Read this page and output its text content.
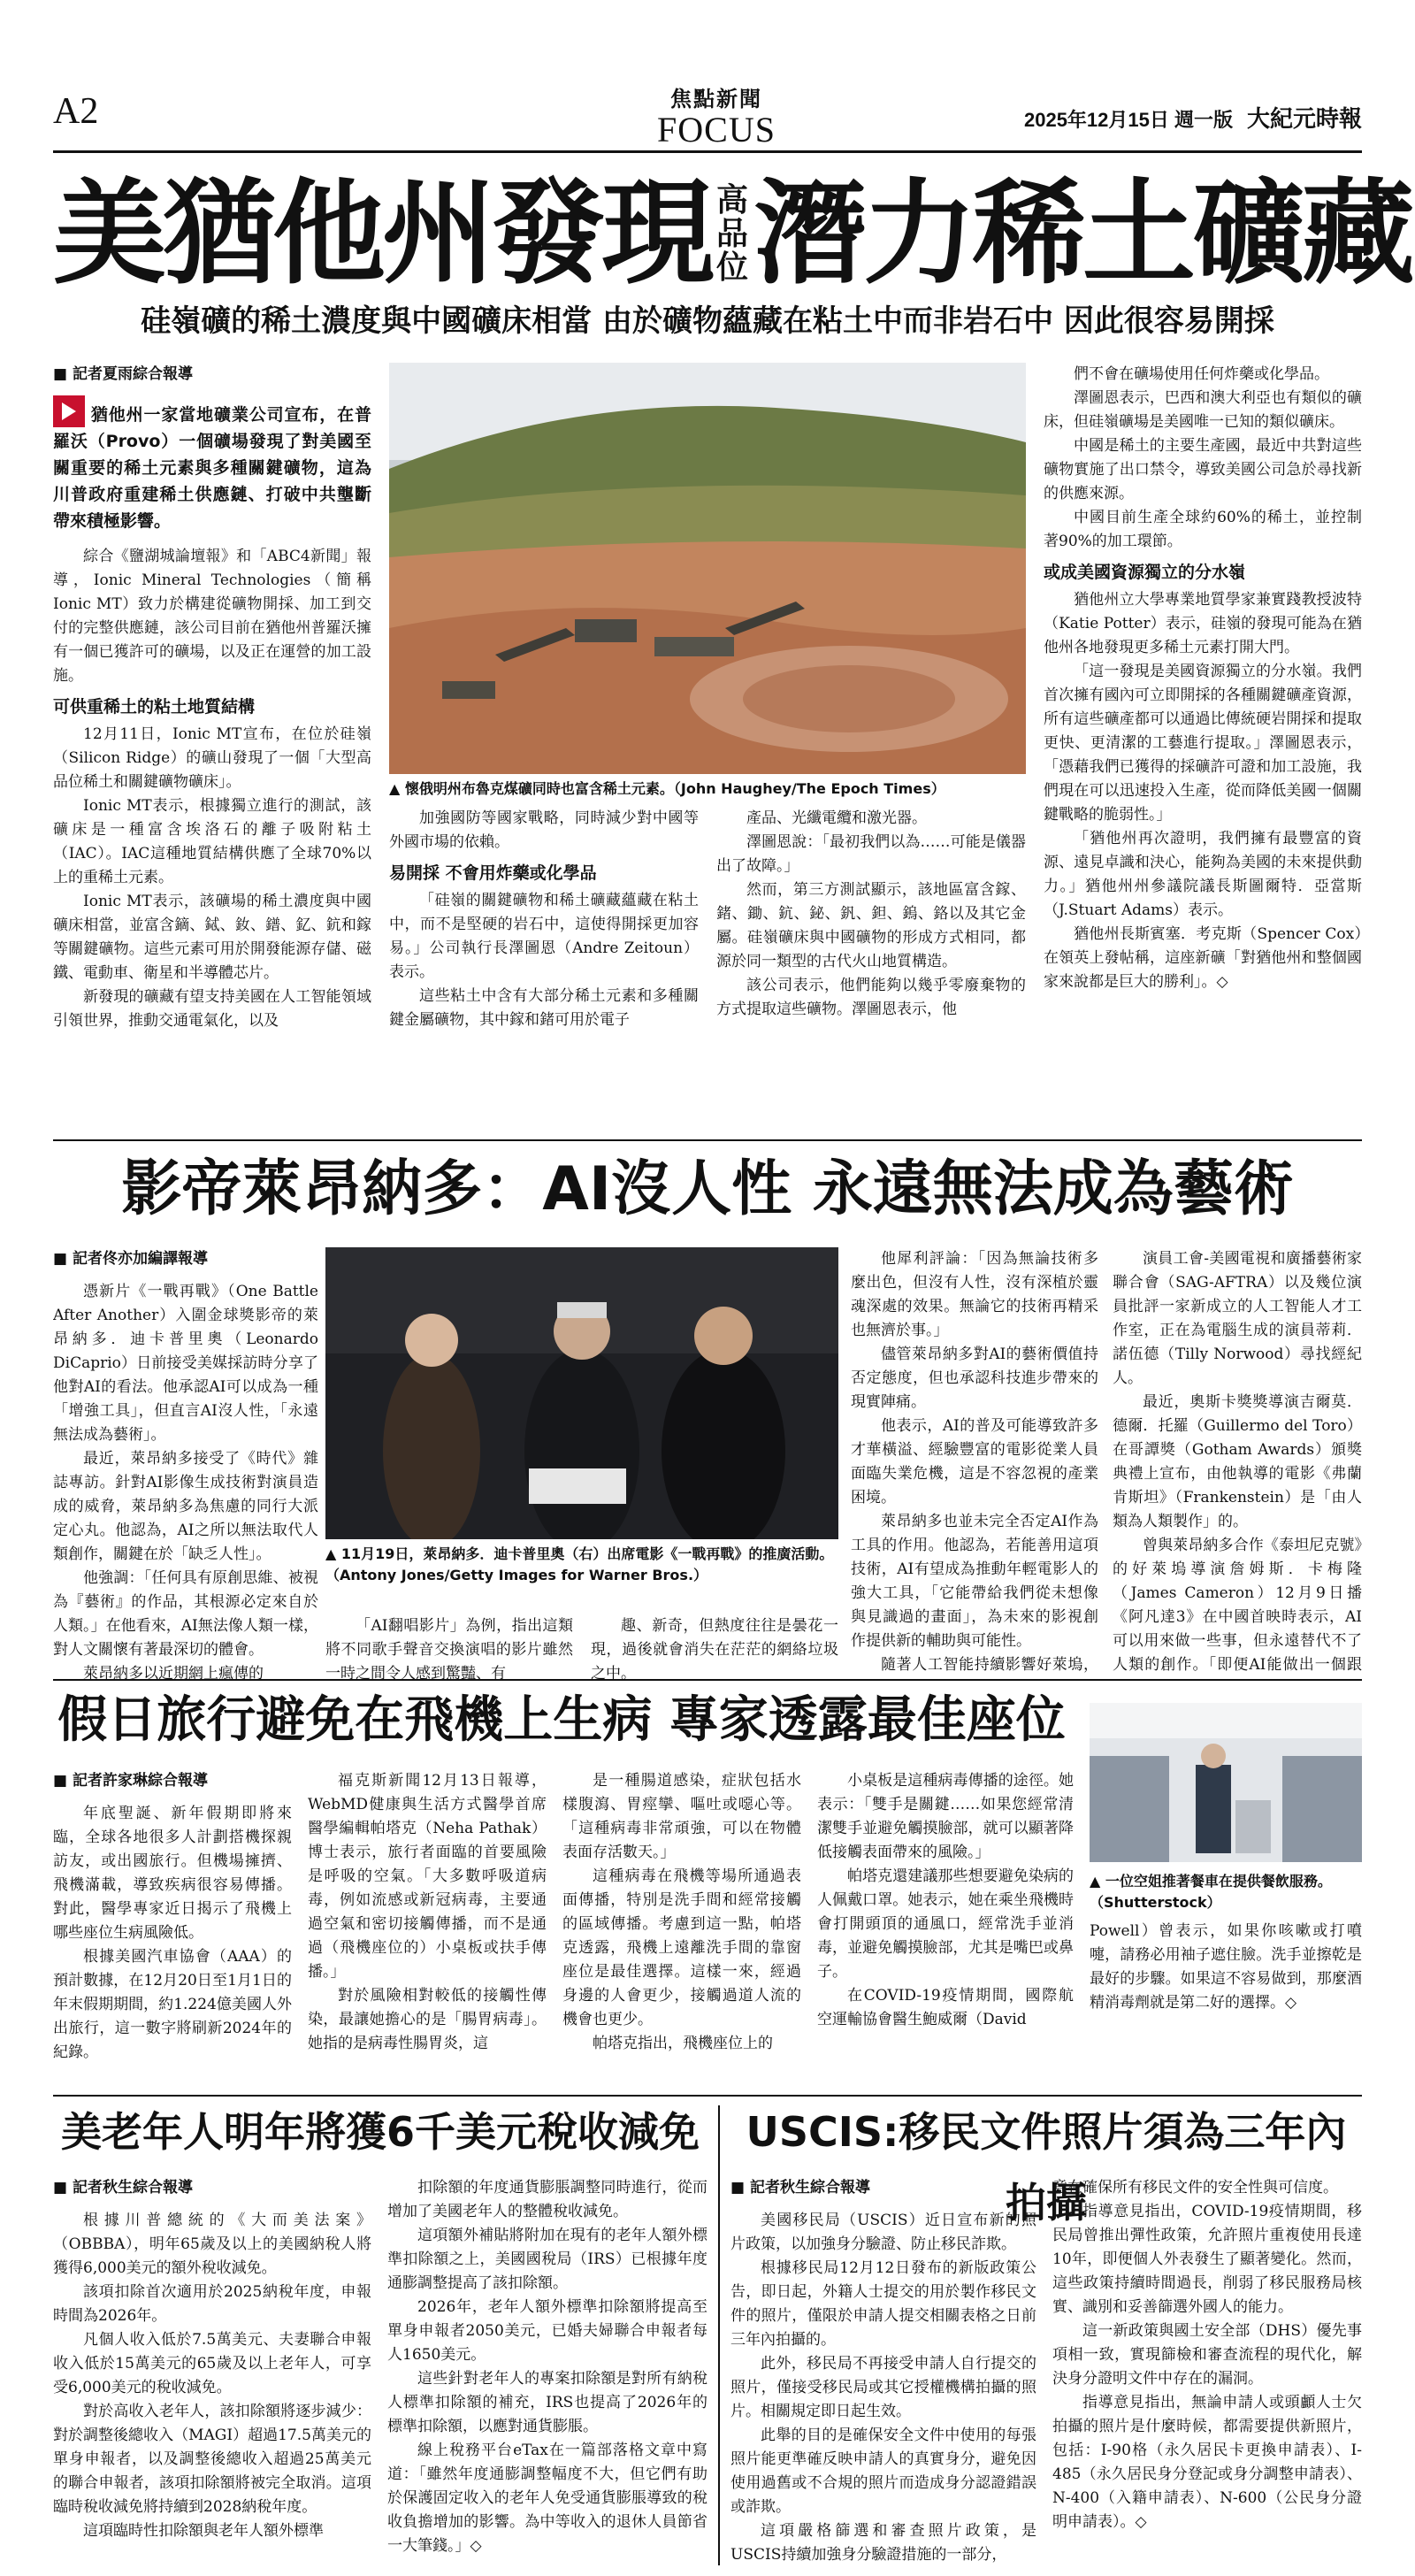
A2	焦點新聞
FOCUS	2025年12月15日 週一版 大紀元時報
美猶他州發現 高
品
位 潛力稀土礦藏
硅嶺礦的稀土濃度與中國礦床相當 由於礦物蘊藏在粘土中而非岩石中 因此很容易開採
■ 記者夏雨綜合報導
猶他州一家當地礦業公司宣布，在普羅沃（Provo）一個礦場發現了對美國至關重要的稀土元素與多種關鍵礦物，這為川普政府重建稀土供應鏈、打破中共壟斷帶來積極影響。

綜合《鹽湖城論壇報》和「ABC4新聞」報導，Ionic Mineral Technologies（簡稱Ionic MT）致力於構建從礦物開採、加工到交付的完整供應鏈，該公司目前在猶他州普羅沃擁有一個已獲許可的礦場，以及正在運營的加工設施。

可供重稀土的粘土地質結構

12月11日，Ionic MT宣布，在位於硅嶺（Silicon Ridge）的礦山發現了一個「大型高品位稀土和關鍵礦物礦床」。

Ionic MT表示，根據獨立進行的測試，該礦床是一種富含埃洛石的離子吸附粘土（IAC）。IAC這種地質結構供應了全球70%以上的重稀土元素。

Ionic MT表示，該礦場的稀土濃度與中國礦床相當，並富含鏑、鋱、釹、鐠、釔、鈧和鎵等關鍵礦物。這些元素可用於開發能源存儲、磁鐵、電動車、衛星和半導體芯片。

新發現的礦藏有望支持美國在人工智能領域引領世界，推動交通電氣化，以及

▲ 懷俄明州布魯克煤礦同時也富含稀土元素。（John Haughey/The Epoch Times）

加強國防等國家戰略，同時減少對中國等外國市場的依賴。

易開採 不會用炸藥或化學品

「硅嶺的關鍵礦物和稀土礦藏蘊藏在粘土中，而不是堅硬的岩石中，這使得開採更加容易。」公司執行長澤圖恩（Andre Zeitoun）表示。

這些粘土中含有大部分稀土元素和多種關鍵金屬礦物，其中鎵和鍺可用於電子

產品、光纖電纜和激光器。

澤圖恩說：「最初我們以為……可能是儀器出了故障。」

然而，第三方測試顯示，該地區富含鎵、鍺、鋤、鈧、鉍、釩、鉭、鎢、鉻以及其它金屬。硅嶺礦床與中國礦物的形成方式相同，都源於同一類型的古代火山地質構造。

該公司表示，他們能夠以幾乎零廢棄物的方式提取這些礦物。澤圖恩表示，他

們不會在礦場使用任何炸藥或化學品。

澤圖恩表示，巴西和澳大利亞也有類似的礦床，但硅嶺礦場是美國唯一已知的類似礦床。

中國是稀土的主要生產國，最近中共對這些礦物實施了出口禁令，導致美國公司急於尋找新的供應來源。

中國目前生產全球約60%的稀土，並控制著90%的加工環節。

或成美國資源獨立的分水嶺

猶他州立大學專業地質學家兼實踐教授波特（Katie Potter）表示，硅嶺的發現可能為在猶他州各地發現更多稀土元素打開大門。

「這一發現是美國資源獨立的分水嶺。我們首次擁有國內可立即開採的各種關鍵礦產資源，所有這些礦產都可以通過比傳統硬岩開採和提取更快、更清潔的工藝進行提取。」澤圖恩表示，「憑藉我們已獲得的採礦許可證和加工設施，我們現在可以迅速投入生產，從而降低美國一個關鍵戰略的脆弱性。」

「猶他州再次證明，我們擁有最豐富的資源、遠見卓識和決心，能夠為美國的未來提供動力。」猶他州州參議院議長斯圖爾特．亞當斯（J.Stuart Adams）表示。

猶他州長斯賓塞．考克斯（Spencer Cox）在領英上發帖稱，這座新礦「對猶他州和整個國家來說都是巨大的勝利」。◇

影帝萊昂納多：AI沒人性 永遠無法成為藝術
■ 記者佟亦加編譯報導

憑新片《一戰再戰》（One Battle After Another）入圍金球獎影帝的萊昂納多．迪卡普里奧（Leonardo DiCaprio）日前接受美媒採訪時分享了他對AI的看法。他承認AI可以成為一種「增強工具」，但直言AI沒人性，「永遠無法成為藝術」。

最近，萊昂納多接受了《時代》雜誌專訪。針對AI影像生成技術對演員造成的威脅，萊昂納多為焦慮的同行大派定心丸。他認為，AI之所以無法取代人類創作，關鍵在於「缺乏人性」。

他強調：「任何具有原創思維、被視為『藝術』的作品，其根源必定來自於人類。」在他看來，AI無法像人類一樣，對人文關懷有著最深切的體會。

萊昂納多以近期網上瘋傳的

▲ 11月19日，萊昂納多．迪卡普里奧（右）出席電影《一戰再戰》的推廣活動。（Antony Jones/Getty Images for Warner Bros.）

「AI翻唱影片」為例，指出這類將不同歌手聲音交換演唱的影片雖然一時之間令人感到驚豔、有

趣、新奇，但熱度往往是曇花一現，過後就會消失在茫茫的網絡垃圾之中。

他犀利評論：「因為無論技術多麼出色，但沒有人性，沒有深植於靈魂深處的效果。無論它的技術再精采也無濟於事。」

儘管萊昂納多對AI的藝術價值持否定態度，但也承認科技進步帶來的現實陣痛。

他表示，AI的普及可能導致許多才華橫溢、經驗豐富的電影從業人員面臨失業危機，這是不容忽視的產業困境。

萊昂納多也並未完全否定AI作為工具的作用。他認為，若能善用這項技術，AI有望成為推動年輕電影人的強大工具，「它能帶給我們從未想像與見識過的畫面」，為未來的影視創作提供新的輔助與可能性。

隨著人工智能持續影響好萊塢，

演員工會-美國電視和廣播藝術家聯合會（SAG-AFTRA）以及幾位演員批評一家新成立的人工智能人才工作室，正在為電腦生成的演員蒂莉．諾伍德（Tilly Norwood）尋找經紀人。

最近，奧斯卡獎獎導演吉爾莫．德爾．托羅（Guillermo del Toro）在哥譚獎（Gotham Awards）頒獎典禮上宣布，由他執導的電影《弗蘭肯斯坦》（Frankenstein）是「由人類為人類製作」的。

曾與萊昂納多合作《泰坦尼克號》的好萊塢導演詹姆斯．卡梅隆（James Cameron）12月9日播《阿凡達3》在中國首映時表示，AI可以用來做一些事，但永遠替代不了人類的創作。「即便AI能做出一個跟

假日旅行避免在飛機上生病 專家透露最佳座位
■ 記者許家琳綜合報導

年底聖誕、新年假期即將來臨，全球各地很多人計劃搭機探親訪友，或出國旅行。但機場擁擠、飛機滿載，導致疾病很容易傳播。對此，醫學專家近日揭示了飛機上哪些座位生病風險低。

根據美國汽車協會（AAA）的預計數據，在12月20日至1月1日的年末假期期間，約1.224億美國人外出旅行，這一數字將刷新2024年的紀錄。

福克斯新聞12月13日報導，WebMD健康與生活方式醫學首席醫學編輯帕塔克（Neha Pathak）博士表示，旅行者面臨的首要風險是呼吸的空氣。「大多數呼吸道病毒，例如流感或新冠病毒，主要通過空氣和密切接觸傳播，而不是通過（飛機座位的）小桌板或扶手傳播。」

對於風險相對較低的接觸性傳染，最讓她擔心的是「腸胃病毒」。她指的是病毒性腸胃炎，這

是一種腸道感染，症狀包括水樣腹瀉、胃痙攣、嘔吐或噁心等。「這種病毒非常頑強，可以在物體表面存活數天。」

這種病毒在飛機等場所通過表面傳播，特別是洗手間和經常接觸的區域傳播。考慮到這一點，帕塔克透露，飛機上遠離洗手間的靠窗座位是最佳選擇。這樣一來，經過身邊的人會更少，接觸過道人流的機會也更少。

帕塔克指出，飛機座位上的

小桌板是這種病毒傳播的途徑。她表示：「雙手是關鍵……如果您經常清潔雙手並避免觸摸臉部，就可以顯著降低接觸表面帶來的風險。」

帕塔克還建議那些想要避免染病的人佩戴口罩。她表示，她在乘坐飛機時會打開頭頂的通風口，經常洗手並消毒，並避免觸摸臉部，尤其是嘴巴或鼻子。

在COVID-19疫情期間，國際航空運輸協會醫生鮑威爾（David

▲ 一位空姐推著餐車在提供餐飲服務。（Shutterstock）

Powell）曾表示，如果你咳嗽或打噴嚏，請務必用袖子遮住臉。洗手並擦乾是最好的步驟。如果這不容易做到，那麼酒精消毒劑就是第二好的選擇。◇

美老年人明年將獲6千美元稅收減免
■ 記者秋生綜合報導

根據川普總統的《大而美法案》（OBBBA），明年65歲及以上的美國納稅人將獲得6,000美元的額外稅收減免。

該項扣除首次適用於2025納稅年度，申報時間為2026年。

凡個人收入低於7.5萬美元、夫妻聯合申報收入低於15萬美元的65歲及以上老年人，可享受6,000美元的稅收減免。

對於高收入老年人，該扣除額將逐步減少：對於調整後總收入（MAGI）超過17.5萬美元的單身申報者，以及調整後總收入超過25萬美元的聯合申報者，該項扣除額將被完全取消。這項臨時稅收減免將持續到2028納稅年度。

這項臨時性扣除額與老年人額外標準

扣除額的年度通貨膨脹調整同時進行，從而增加了美國老年人的整體稅收減免。

這項額外補貼將附加在現有的老年人額外標準扣除額之上，美國國稅局（IRS）已根據年度通膨調整提高了該扣除額。

2026年，老年人額外標準扣除額將提高至單身申報者2050美元，已婚夫婦聯合申報者每人1650美元。

這些針對老年人的專案扣除額是對所有納稅人標準扣除額的補充，IRS也提高了2026年的標準扣除額，以應對通貨膨脹。

線上稅務平台eTax在一篇部落格文章中寫道：「雖然年度通膨調整幅度不大，但它們有助於保護固定收入的老年人免受通貨膨脹導致的稅收負擔增加的影響。為中等收入的退休人員節省一大筆錢。」◇

USCIS:移民文件照片須為三年內拍攝
■ 記者秋生綜合報導

美國移民局（USCIS）近日宣布新的照片政策，以加強身分驗證、防止移民詐欺。

根據移民局12月12日發布的新版政策公告，即日起，外籍人士提交的用於製作移民文件的照片，僅限於申請人提交相關表格之日前三年內拍攝的。

此外，移民局不再接受申請人自行提交的照片，僅接受移民局或其它授權機構拍攝的照片。相關規定即日起生效。

此舉的目的是確保安全文件中使用的每張照片能更準確反映申請人的真實身分，避免因使用過舊或不合規的照片而造成身分認證錯誤或詐欺。

這項嚴格篩選和審查照片政策，是USCIS持續加強身分驗證措施的一部分，

意在確保所有移民文件的安全性與可信度。

指導意見指出，COVID-19疫情期間，移民局曾推出彈性政策，允許照片重複使用長達10年，即便個人外表發生了顯著變化。然而，這些政策持續時間過長，削弱了移民服務局核實、識別和妥善篩選外國人的能力。

這一新政策與國土安全部（DHS）優先事項相一致，實現篩檢和審查流程的現代化，解決身分證明文件中存在的漏洞。

指導意見指出，無論申請人或頭顱人士欠拍攝的照片是什麼時候，都需要提供新照片，包括：I-90格（永久居民卡更換申請表）、I-485（永久居民身分登記或身分調整申請表）、N-400（入籍申請表）、N-600（公民身分證明申請表）。◇
